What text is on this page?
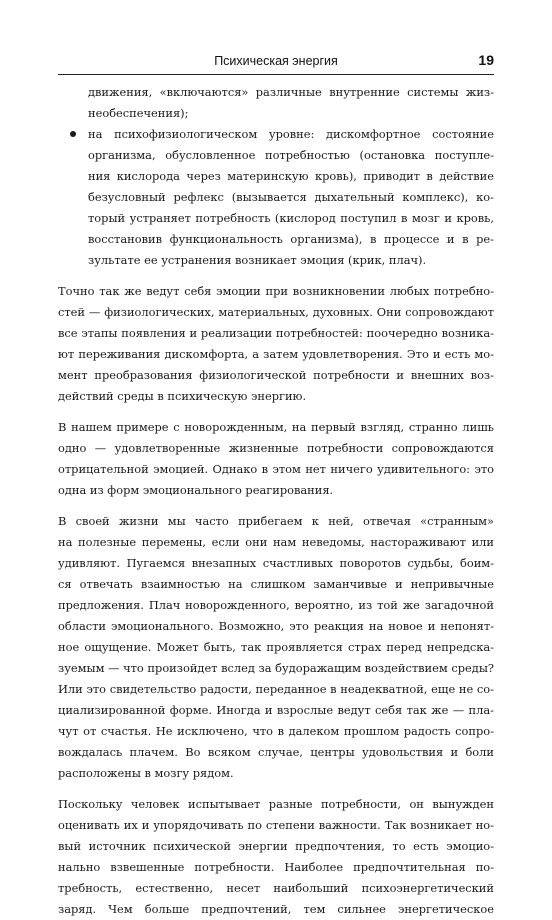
Психическая энергия	19
движения, «включаются» различные внутренние системы жиз-
необеспечения);
на психофизиологическом уровне: дискомфортное состояние
организма, обусловленное потребностью (остановка поступле-
ния кислорода через материнскую кровь), приводит в действие
безусловный рефлекс (вызывается дыхательный комплекс), ко-
торый устраняет потребность (кислород поступил в мозг и кровь,
восстановив функциональность организма), в процессе и в ре-
зультате ее устранения возникает эмоция (крик, плач).
Точно так же ведут себя эмоции при возникновении любых потребно-
стей — физиологических, материальных, духовных. Они сопровождают
все этапы появления и реализации потребностей: поочередно возника-
ют переживания дискомфорта, а затем удовлетворения. Это и есть мо-
мент преобразования физиологической потребности и внешних воз-
действий среды в психическую энергию.
В нашем примере с новорожденным, на первый взгляд, странно лишь
одно — удовлетворенные жизненные потребности сопровождаются
отрицательной эмоцией. Однако в этом нет ничего удивительного: это
одна из форм эмоционального реагирования.
В своей жизни мы часто прибегаем к ней, отвечая «странным»
на полезные перемены, если они нам неведомы, настораживают или
удивляют. Пугаемся внезапных счастливых поворотов судьбы, боим-
ся отвечать взаимностью на слишком заманчивые и непривычные
предложения. Плач новорожденного, вероятно, из той же загадочной
области эмоционального. Возможно, это реакция на новое и непонят-
ное ощущение. Может быть, так проявляется страх перед непредска-
зуемым — что произойдет вслед за будоражащим воздействием среды?
Или это свидетельство радости, переданное в неадекватной, еще не со-
циализированной форме. Иногда и взрослые ведут себя так же — пла-
чут от счастья. Не исключено, что в далеком прошлом радость сопро-
вождалась плачем. Во всяком случае, центры удовольствия и боли
расположены в мозгу рядом.
Поскольку человек испытывает разные потребности, он вынужден
оценивать их и упорядочивать по степени важности. Так возникает но-
вый источник психической энергии предпочтения, то есть эмоцио-
нально взвешенные потребности. Наиболее предпочтительная по-
требность, естественно, несет наибольший психоэнергетический
заряд. Чем больше предпочтений, тем сильнее энергетическое
